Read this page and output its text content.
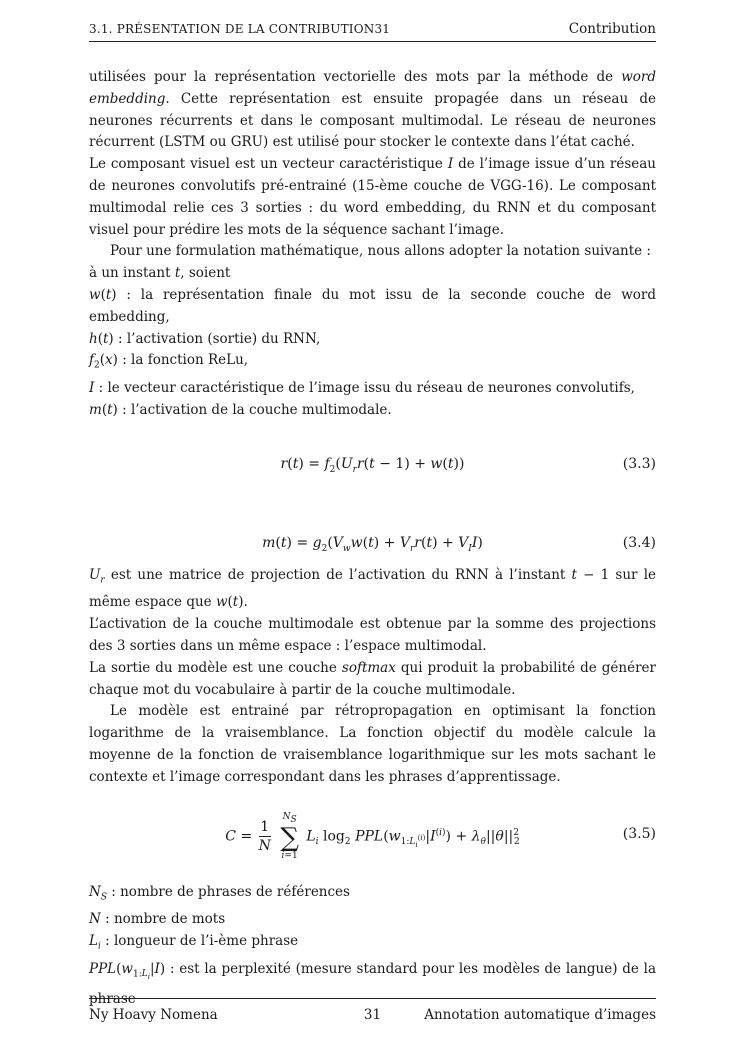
3.1. PRÉSENTATION DE LA CONTRIBUTION31	Contribution

utilisées pour la représentation vectorielle des mots par la méthode de word embedding. Cette représentation est ensuite propagée dans un réseau de neurones récurrents et dans le composant multimodal. Le réseau de neurones récurrent (LSTM ou GRU) est utilisé pour stocker le contexte dans l’état caché.

Le composant visuel est un vecteur caractéristique I de l’image issue d’un réseau de neurones convolutifs pré-entrainé (15-ème couche de VGG-16). Le composant multimodal relie ces 3 sorties : du word embedding, du RNN et du composant visuel pour prédire les mots de la séquence sachant l’image.

Pour une formulation mathématique, nous allons adopter la notation suivante :

à un instant t, soient

w(t) : la représentation finale du mot issu de la seconde couche de word embedding,

h(t) : l’activation (sortie) du RNN,

$f_2(x)$ : la fonction ReLu,

I : le vecteur caractéristique de l’image issu du réseau de neurones convolutifs,

m(t) : l’activation de la couche multimodale.

$r(t) = f_2(U_rr(t - 1) + w(t))$	(3.3)
$m(t) = g_2(V_ww(t) + V_rr(t) + V_II)$	(3.4)

$U_r$ est une matrice de projection de l’activation du RNN à l’instant t − 1 sur le même espace que w(t).

L’activation de la couche multimodale est obtenue par la somme des projections des 3 sorties dans un même espace : l’espace multimodal.

La sortie du modèle est une couche softmax qui produit la probabilité de générer chaque mot du vocabulaire à partir de la couche multimodale.

Le modèle est entrainé par rétropropagation en optimisant la fonction logarithme de la vraisemblance. La fonction objectif du modèle calcule la moyenne de la fonction de vraisemblance logarithmique sur les mots sachant le contexte et l’image correspondant dans les phrases d’apprentissage.

$C = \frac{1}{N}$

$N_S$
∑
i=1
$L_i$ $\log_2 PPL(w_{1:L_i^{(i)}}|I^{(i)}) + \lambda_\theta||\theta||^2_2$
(3.5)

$N_S$ : nombre de phrases de références

N : nombre de mots

$L_i$ : longueur de l’i-ème phrase

$PPL(w_{1:L_i}|I)$ : est la perplexité (mesure standard pour les modèles de langue) de la phrase

Ny Hoavy Nomena	31	Annotation automatique d’images
